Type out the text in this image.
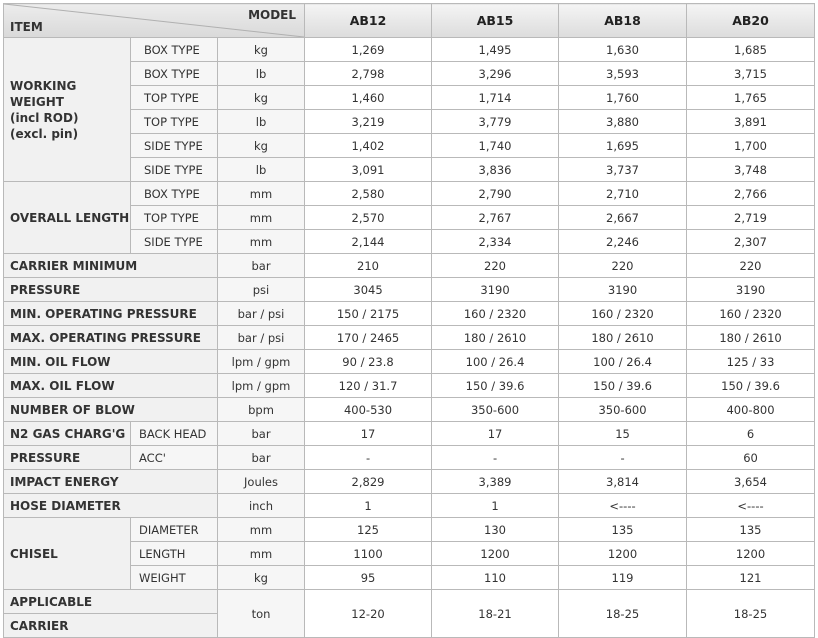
MODEL
ITEM			AB12	AB15	AB18	AB20

WORKING WEIGHT
(incl ROD)
(excl. pin)	BOX TYPE	kg	1,269	1,495	1,630	1,685
	BOX TYPE	lb	2,798	3,296	3,593	3,715
	TOP TYPE	kg	1,460	1,714	1,760	1,765
	TOP TYPE	lb	3,219	3,779	3,880	3,891
	SIDE TYPE	kg	1,402	1,740	1,695	1,700
	SIDE TYPE	lb	3,091	3,836	3,737	3,748
OVERALL LENGTH	BOX TYPE	mm	2,580	2,790	2,710	2,766
	TOP TYPE	mm	2,570	2,767	2,667	2,719
	SIDE TYPE	mm	2,144	2,334	2,246	2,307
CARRIER MINIMUM		bar	210	220	220	220
PRESSURE		psi	3045	3190	3190	3190
MIN. OPERATING PRESSURE		bar / psi	150 / 2175	160 / 2320	160 / 2320	160 / 2320
MAX. OPERATING PRESSURE		bar / psi	170 / 2465	180 / 2610	180 / 2610	180 / 2610
MIN. OIL FLOW		lpm / gpm	90 / 23.8	100 / 26.4	100 / 26.4	125 / 33
MAX. OIL FLOW		lpm / gpm	120 / 31.7	150 / 39.6	150 / 39.6	150 / 39.6
NUMBER OF BLOW		bpm	400-530	350-600	350-600	400-800
N2 GAS CHARG'G	BACK HEAD	bar	17	17	15	6
PRESSURE	ACC'	bar	-	-	-	60
IMPACT ENERGY		Joules	2,829	3,389	3,814	3,654
HOSE DIAMETER		inch	1	1	<----	<----
CHISEL	DIAMETER	mm	125	130	135	135
	LENGTH	mm	1100	1200	1200	1200
	WEIGHT	kg	95	110	119	121
APPLICABLE		ton	12-20	18-21	18-25	18-25
CARRIER						
